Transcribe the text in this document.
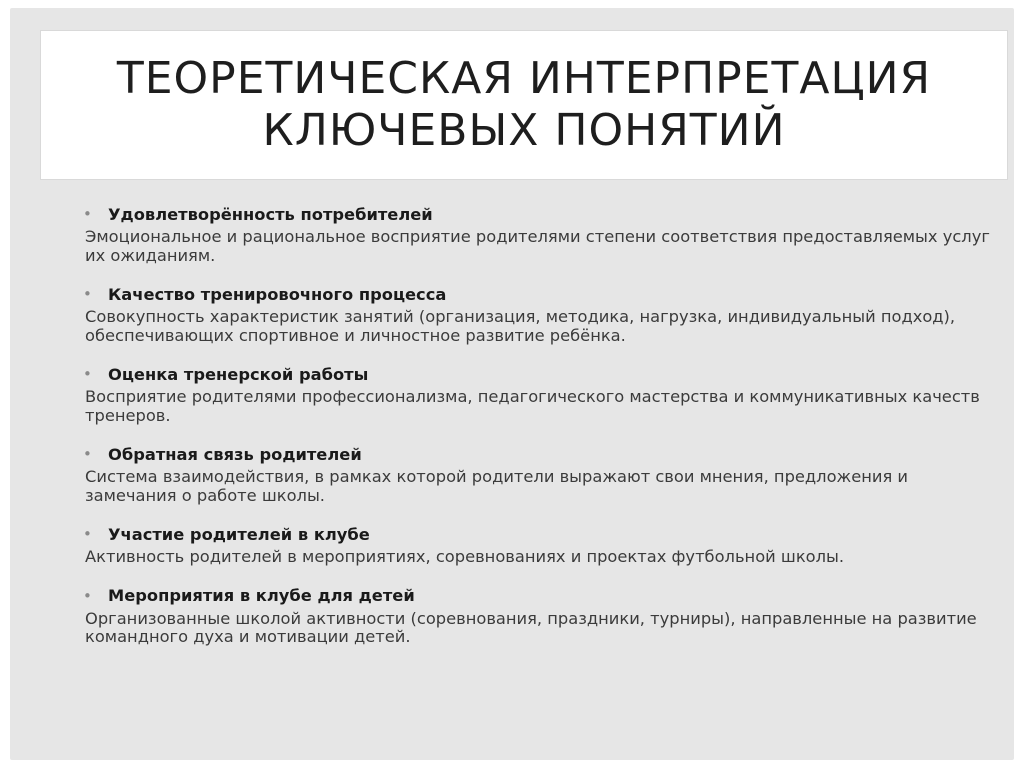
ТЕОРЕТИЧЕСКАЯ ИНТЕРПРЕТАЦИЯ КЛЮЧЕВЫХ ПОНЯТИЙ
• Удовлетворённость потребителей
Эмоциональное и рациональное восприятие родителями степени соответствия предоставляемых услуг их ожиданиям.
• Качество тренировочного процесса
Совокупность характеристик занятий (организация, методика, нагрузка, индивидуальный подход), обеспечивающих спортивное и личностное развитие ребёнка.
• Оценка тренерской работы
Восприятие родителями профессионализма, педагогического мастерства и коммуникативных качеств тренеров.
• Обратная связь родителей
Система взаимодействия, в рамках которой родители выражают свои мнения, предложения и замечания о работе школы.
• Участие родителей в клубе
Активность родителей в мероприятиях, соревнованиях и проектах футбольной школы.
• Мероприятия в клубе для детей
Организованные школой активности (соревнования, праздники, турниры), направленные на развитие командного духа и мотивации детей.
